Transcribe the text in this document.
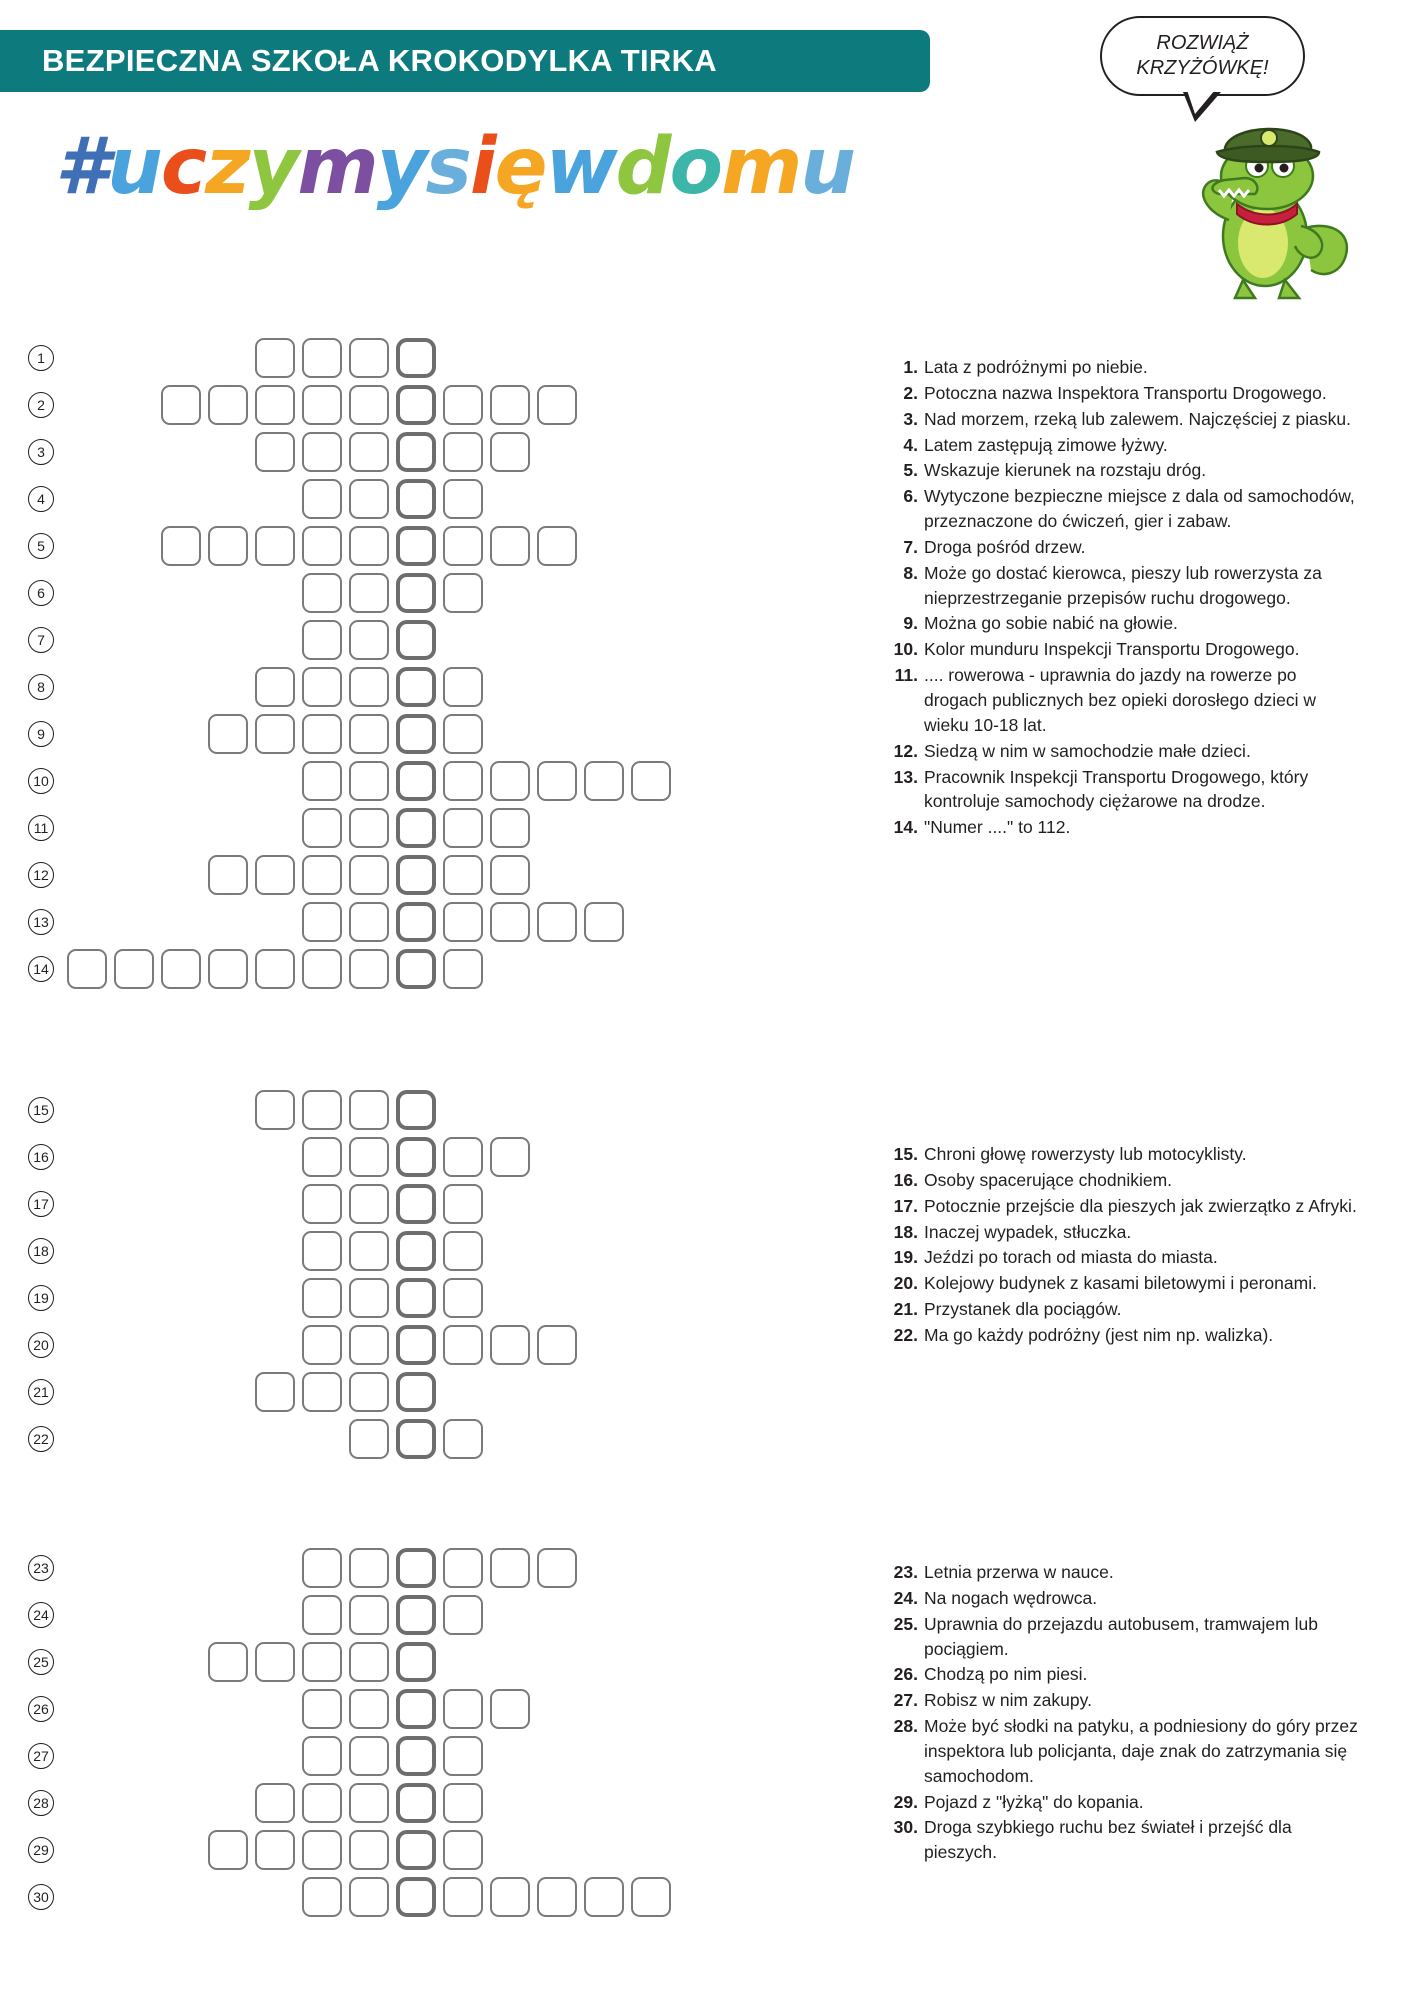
BEZPIECZNA SZKOŁA KROKODYLKA TIRKA
#uczymysięwdomu
ROZWIĄŻ
KRZYŻÓWKĘ!
1
2
3
4
5
6
7
8
9
10
11
12
13
14
15
16
17
18
19
20
21
22
23
24
25
26
27
28
29
30
1. Lata z podróżnymi po niebie.
2. Potoczna nazwa Inspektora Transportu Drogowego.
3. Nad morzem, rzeką lub zalewem. Najczęściej z piasku.
4. Latem zastępują zimowe łyżwy.
5. Wskazuje kierunek na rozstaju dróg.
6. Wytyczone bezpieczne miejsce z dala od samochodów, przeznaczone do ćwiczeń, gier i zabaw.
7. Droga pośród drzew.
8. Może go dostać kierowca, pieszy lub rowerzysta za nieprzestrzeganie przepisów ruchu drogowego.
9. Można go sobie nabić na głowie.
10. Kolor munduru Inspekcji Transportu Drogowego.
11. .... rowerowa - uprawnia do jazdy na rowerze po drogach publicznych bez opieki dorosłego dzieci w wieku 10-18 lat.
12. Siedzą w nim w samochodzie małe dzieci.
13. Pracownik Inspekcji Transportu Drogowego, który kontroluje samochody ciężarowe na drodze.
14. "Numer ...." to 112.
15. Chroni głowę rowerzysty lub motocyklisty.
16. Osoby spacerujące chodnikiem.
17. Potocznie przejście dla pieszych jak zwierzątko z Afryki.
18. Inaczej wypadek, stłuczka.
19. Jeździ po torach od miasta do miasta.
20. Kolejowy budynek z kasami biletowymi i peronami.
21. Przystanek dla pociągów.
22. Ma go każdy podróżny (jest nim np. walizka).
23. Letnia przerwa w nauce.
24. Na nogach wędrowca.
25. Uprawnia do przejazdu autobusem, tramwajem lub pociągiem.
26. Chodzą po nim piesi.
27. Robisz w nim zakupy.
28. Może być słodki na patyku, a podniesiony do góry przez inspektora lub policjanta, daje znak do zatrzymania się samochodom.
29. Pojazd z "łyżką" do kopania.
30. Droga szybkiego ruchu bez świateł i przejść dla pieszych.
